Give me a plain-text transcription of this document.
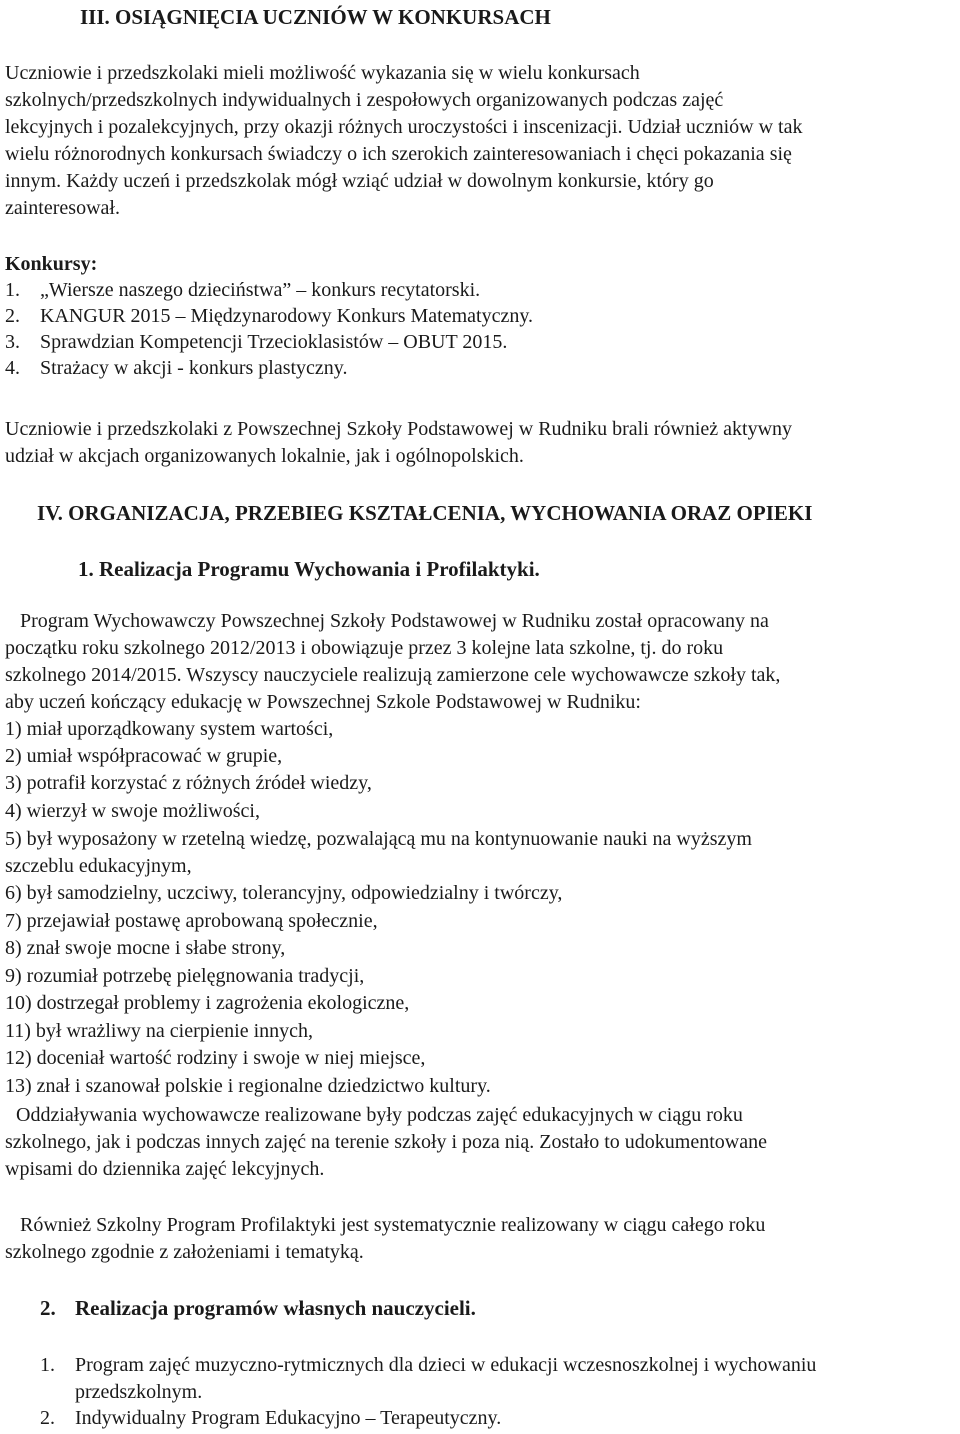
III. OSIĄGNIĘCIA UCZNIÓW W KONKURSACH
Uczniowie i przedszkolaki mieli możliwość wykazania się w wielu konkursach
szkolnych/przedszkolnych indywidualnych i zespołowych organizowanych podczas zajęć
lekcyjnych i pozalekcyjnych, przy okazji różnych uroczystości i inscenizacji. Udział uczniów w tak
wielu różnorodnych konkursach świadczy o ich szerokich zainteresowaniach i chęci pokazania się
innym. Każdy uczeń i przedszkolak mógł wziąć udział w dowolnym konkursie, który go
zainteresował.
Konkursy:
1. „Wiersze naszego dzieciństwa” – konkurs recytatorski.
2. KANGUR 2015 – Międzynarodowy Konkurs Matematyczny.
3. Sprawdzian Kompetencji Trzecioklasistów – OBUT 2015.
4. Strażacy w akcji - konkurs plastyczny.
Uczniowie i przedszkolaki z Powszechnej Szkoły Podstawowej w Rudniku brali również aktywny
udział w akcjach organizowanych lokalnie, jak i ogólnopolskich.
IV. ORGANIZACJA, PRZEBIEG KSZTAŁCENIA, WYCHOWANIA ORAZ OPIEKI
1. Realizacja Programu Wychowania i Profilaktyki.
Program Wychowawczy Powszechnej Szkoły Podstawowej w Rudniku został opracowany na
początku roku szkolnego 2012/2013 i obowiązuje przez 3 kolejne lata szkolne, tj. do roku
szkolnego 2014/2015. Wszyscy nauczyciele realizują zamierzone cele wychowawcze szkoły tak,
aby uczeń kończący edukację w Powszechnej Szkole Podstawowej w Rudniku:
1) miał uporządkowany system wartości,
2) umiał współpracować w grupie,
3) potrafił korzystać z różnych źródeł wiedzy,
4) wierzył w swoje możliwości,
5) był wyposażony w rzetelną wiedzę, pozwalającą mu na kontynuowanie nauki na wyższym
szczeblu edukacyjnym,
6) był samodzielny, uczciwy, tolerancyjny, odpowiedzialny i twórczy,
7) przejawiał postawę aprobowaną społecznie,
8) znał swoje mocne i słabe strony,
9) rozumiał potrzebę pielęgnowania tradycji,
10) dostrzegał problemy i zagrożenia ekologiczne,
11) był wrażliwy na cierpienie innych,
12) doceniał wartość rodziny i swoje w niej miejsce,
13) znał i szanował polskie i regionalne dziedzictwo kultury.
Oddziaływania wychowawcze realizowane były podczas zajęć edukacyjnych w ciągu roku
szkolnego, jak i podczas innych zajęć na terenie szkoły i poza nią. Zostało to udokumentowane
wpisami do dziennika zajęć lekcyjnych.
Również Szkolny Program Profilaktyki jest systematycznie realizowany w ciągu całego roku
szkolnego zgodnie z założeniami i tematyką.
2. Realizacja programów własnych nauczycieli.
1. Program zajęć muzyczno-rytmicznych dla dzieci w edukacji wczesnoszkolnej i wychowaniu
przedszkolnym.
2. Indywidualny Program Edukacyjno – Terapeutyczny.
